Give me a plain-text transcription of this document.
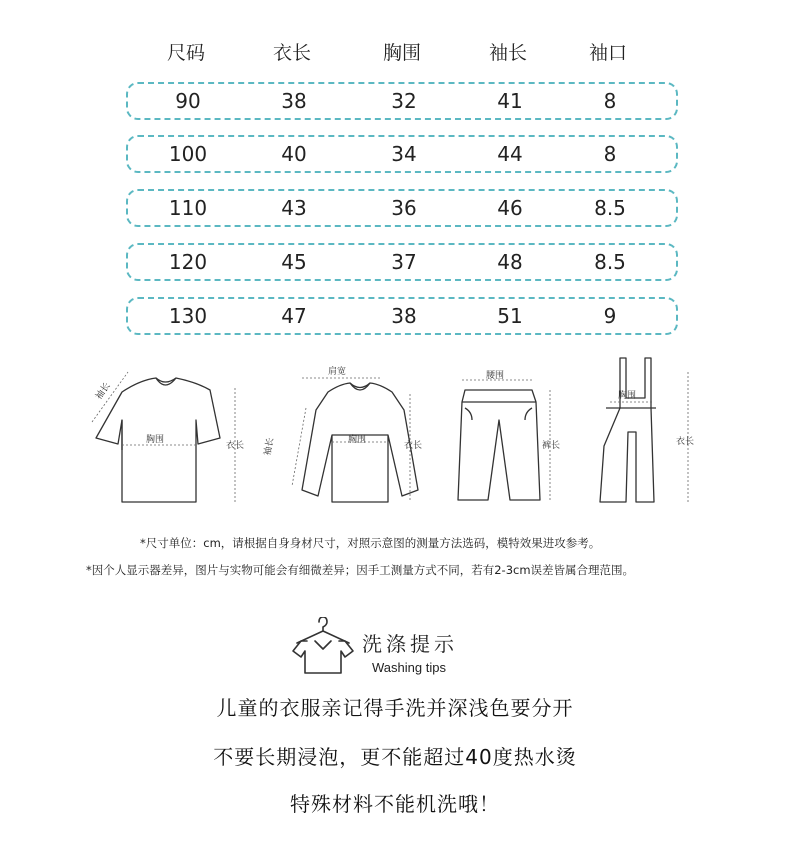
尺码	衣长	胸围	袖长	袖口
90	38	32	41	8
100	40	34	44	8
110	43	36	46	8.5
120	45	37	48	8.5
130	47	38	51	9
袖长
胸围
衣长
肩宽
胸围
袖长	衣长
腰围
裤长
胸围
衣长
*尺寸单位：cm，请根据自身身材尺寸，对照示意图的测量方法选码，模特效果进攻参考。
*因个人显示器差异，图片与实物可能会有细微差异；因手工测量方式不同，若有2-3cm误差皆属合理范围。
洗涤提示
Washing tips
儿童的衣服亲记得手洗并深浅色要分开
不要长期浸泡，更不能超过40度热水烫
特殊材料不能机洗哦！
